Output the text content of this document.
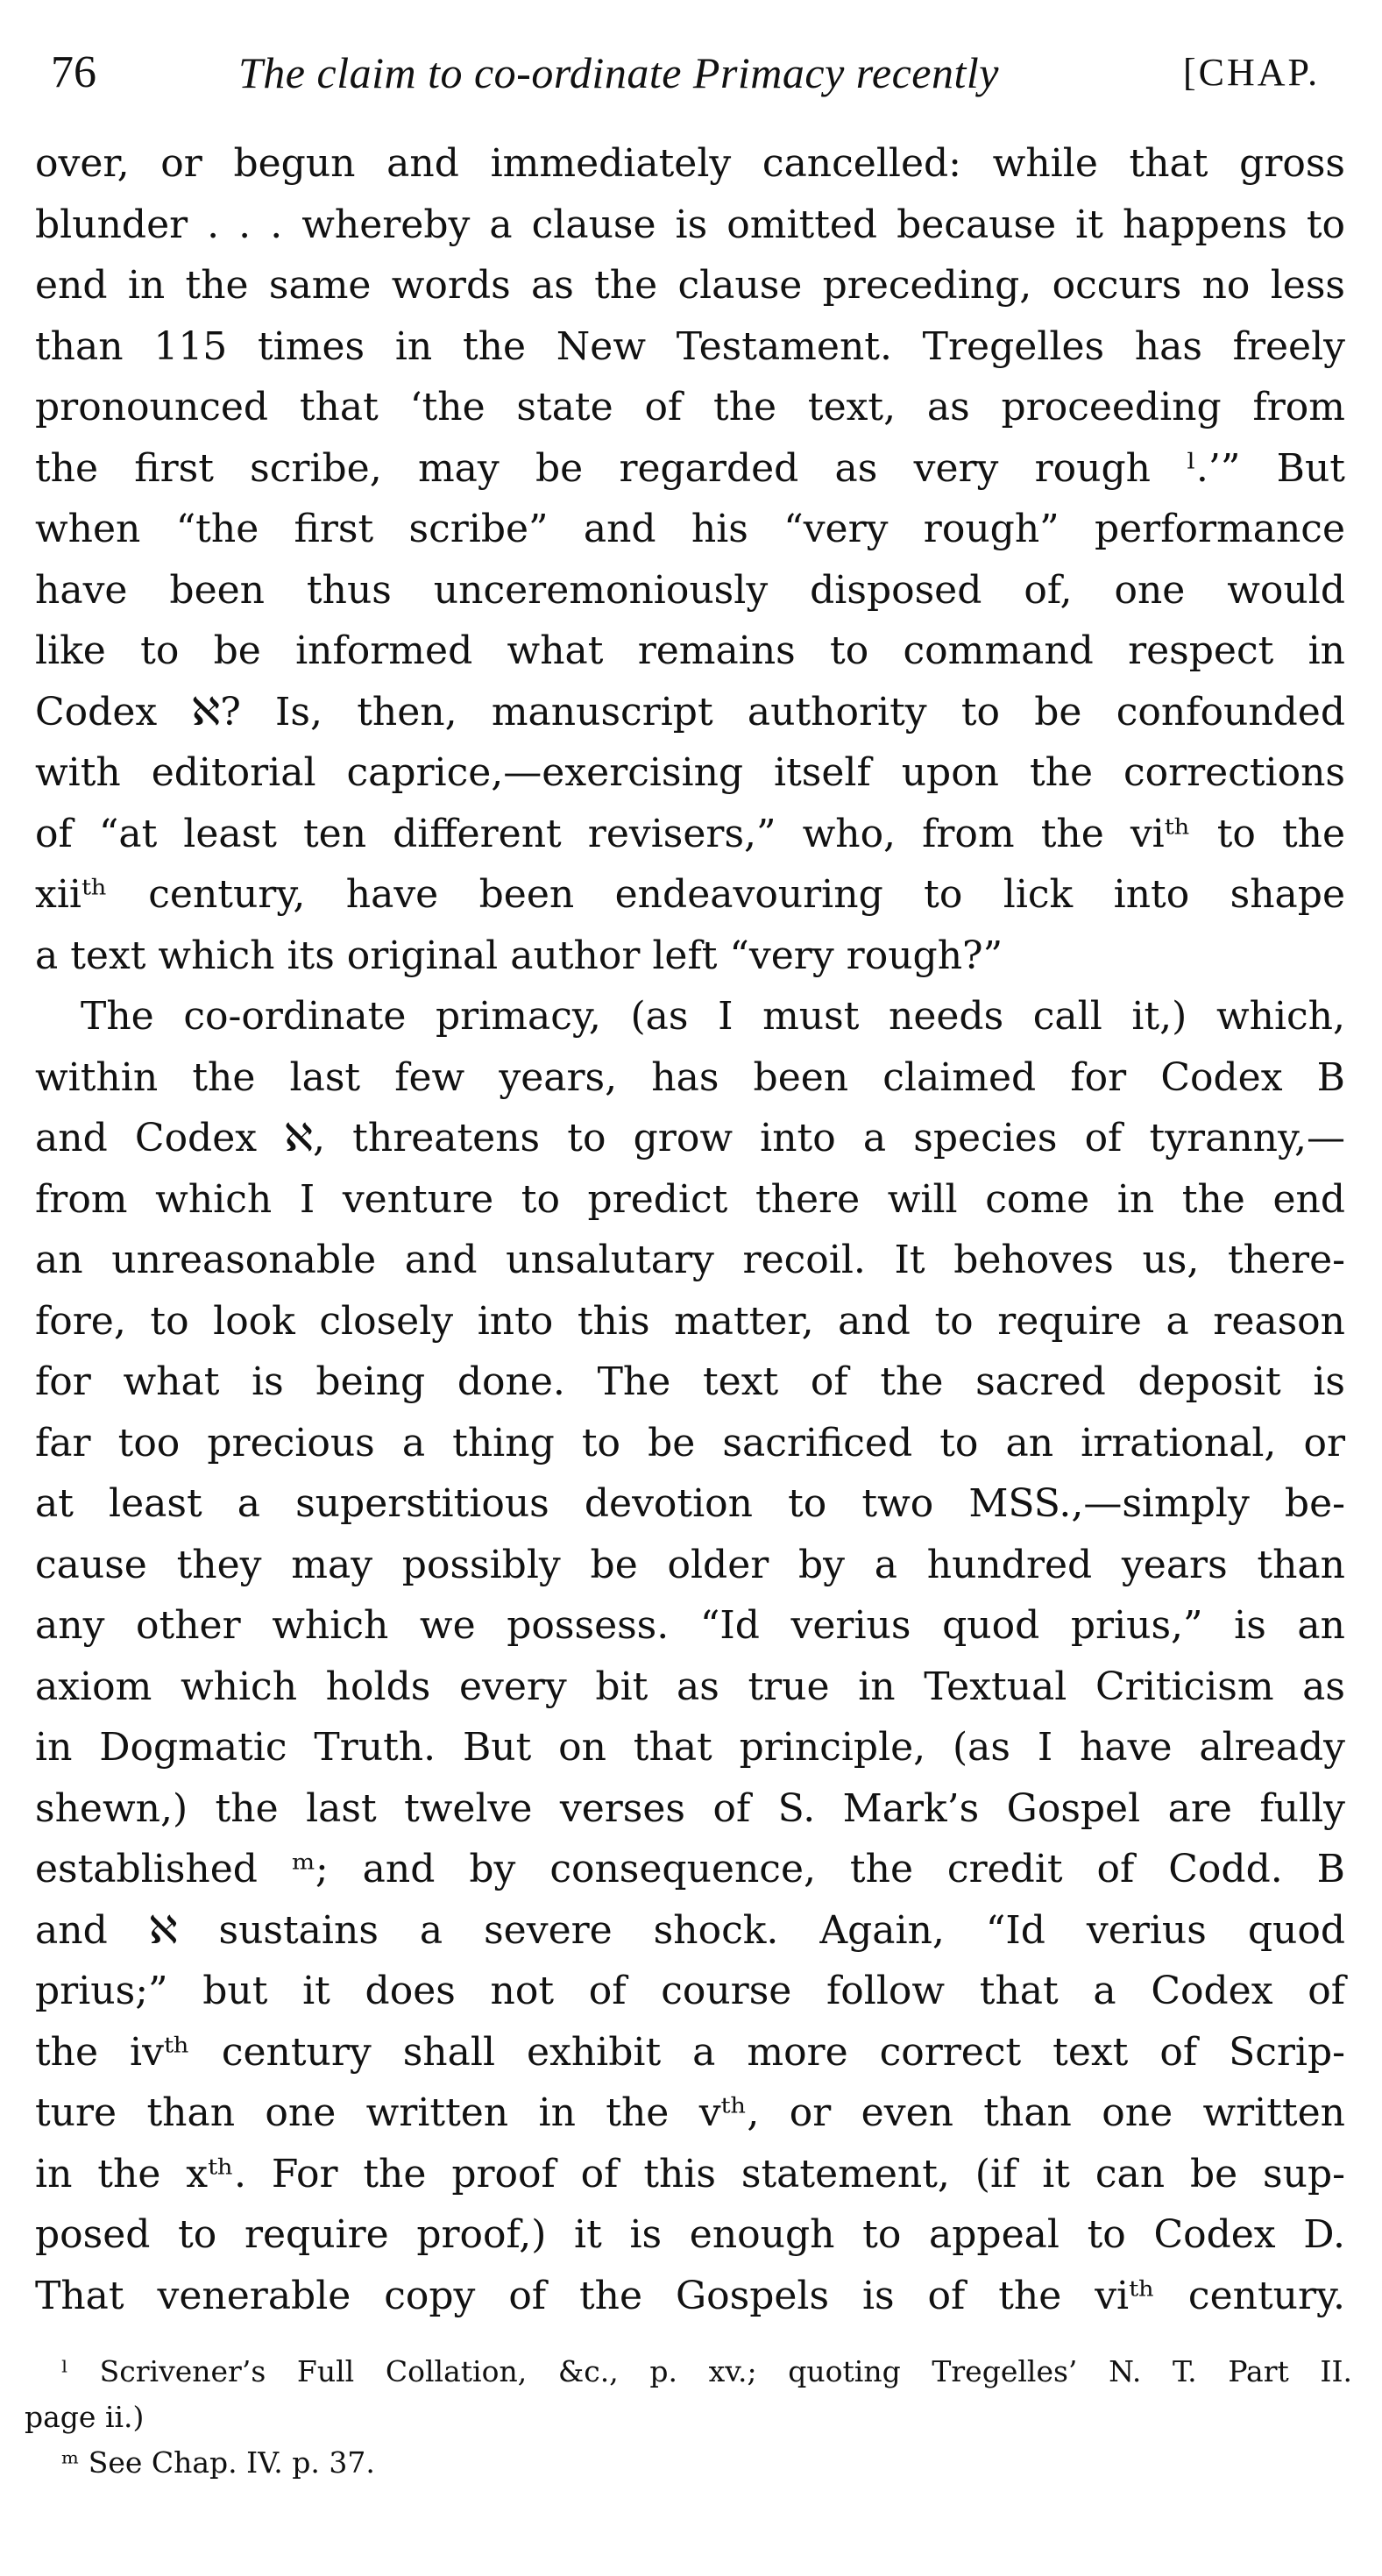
76	The claim to co-ordinate Primacy recently	[CHAP.
over, or begun and immediately cancelled: while that gross
blunder . . . whereby a clause is omitted because it happens to
end in the same words as the clause preceding, occurs no less
than 115 times in the New Testament. Tregelles has freely
pronounced that ‘the state of the text, as proceeding from
the first scribe, may be regarded as very rough ˡ.’” But
when “the first scribe” and his “very rough” performance
have been thus unceremoniously disposed of, one would
like to be informed what remains to command respect in
Codex ℵ? Is, then, manuscript authority to be confounded
with editorial caprice,—exercising itself upon the corrections
of “at least ten different revisers,” who, from the viᵗʰ to the
xiiᵗʰ century, have been endeavouring to lick into shape
a text which its original author left “very rough?”
The co-ordinate primacy, (as I must needs call it,) which,
within the last few years, has been claimed for Codex B
and Codex ℵ, threatens to grow into a species of tyranny,—
from which I venture to predict there will come in the end
an unreasonable and unsalutary recoil. It behoves us, there-
fore, to look closely into this matter, and to require a reason
for what is being done. The text of the sacred deposit is
far too precious a thing to be sacrificed to an irrational, or
at least a superstitious devotion to two MSS.,—simply be-
cause they may possibly be older by a hundred years than
any other which we possess. “Id verius quod prius,” is an
axiom which holds every bit as true in Textual Criticism as
in Dogmatic Truth. But on that principle, (as I have already
shewn,) the last twelve verses of S. Mark’s Gospel are fully
established ᵐ; and by consequence, the credit of Codd. B
and ℵ sustains a severe shock. Again, “Id verius quod
prius;” but it does not of course follow that a Codex of
the ivᵗʰ century shall exhibit a more correct text of Scrip-
ture than one written in the vᵗʰ, or even than one written
in the xᵗʰ. For the proof of this statement, (if it can be sup-
posed to require proof,) it is enough to appeal to Codex D.
That venerable copy of the Gospels is of the viᵗʰ century.
ˡ Scrivener’s Full Collation, &c., p. xv.; quoting Tregelles’ N. T. Part II.
page ii.)
ᵐ See Chap. IV. p. 37.
